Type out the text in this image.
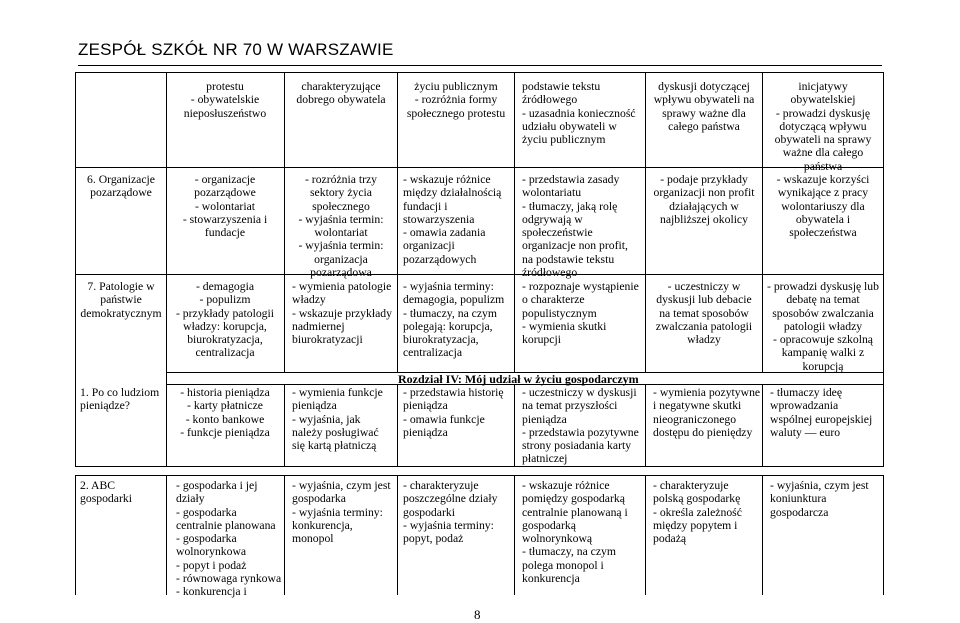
ZESPÓŁ SZKÓŁ NR 70 W WARSZAWIE
protestu
- obywatelskie
nieposłuszeństwo
charakteryzujące
dobrego obywatela
życiu publicznym
- rozróżnia formy
społecznego protestu
podstawie tekstu
źródłowego
- uzasadnia konieczność
udziału obywateli w
życiu publicznym
dyskusji dotyczącej
wpływu obywateli na
sprawy ważne dla
całego państwa
inicjatywy
obywatelskiej
- prowadzi dyskusję
dotyczącą wpływu
obywateli na sprawy
ważne dla całego
państwa
6. Organizacje
pozarządowe
- organizacje
pozarządowe
- wolontariat
- stowarzyszenia i
fundacje
- rozróżnia trzy
sektory życia
społecznego
- wyjaśnia termin:
wolontariat
- wyjaśnia termin:
organizacja
pozarządowa
- wskazuje różnice
między działalnością
fundacji i
stowarzyszenia
- omawia zadania
organizacji
pozarządowych
- przedstawia zasady
wolontariatu
- tłumaczy, jaką rolę
odgrywają w
społeczeństwie
organizacje non profit,
na podstawie tekstu
źródłowego
- podaje przykłady
organizacji non profit
działających w
najbliższej okolicy
- wskazuje korzyści
wynikające z pracy
wolontariuszy dla
obywatela i
społeczeństwa
7. Patologie w
państwie
demokratycznym
- demagogia
- populizm
- przykłady patologii
władzy: korupcja,
biurokratyzacja,
centralizacja
- wymienia patologie
władzy
- wskazuje przykłady
nadmiernej
biurokratyzacji
- wyjaśnia terminy:
demagogia, populizm
- tłumaczy, na czym
polegają: korupcja,
biurokratyzacja,
centralizacja
- rozpoznaje wystąpienie
o charakterze
populistycznym
- wymienia skutki
korupcji
- uczestniczy w
dyskusji lub debacie
na temat sposobów
zwalczania patologii
władzy
- prowadzi dyskusję lub
debatę na temat
sposobów zwalczania
patologii władzy
- opracowuje szkolną
kampanię walki z
korupcją
Rozdział IV: Mój udział w życiu gospodarczym
1. Po co ludziom
pieniądze?
- historia pieniądza
- karty płatnicze
- konto bankowe
- funkcje pieniądza
- wymienia funkcje
pieniądza
- wyjaśnia, jak
należy posługiwać
się kartą płatniczą
- przedstawia historię
pieniądza
- omawia funkcje
pieniądza
- uczestniczy w dyskusji
na temat przyszłości
pieniądza
- przedstawia pozytywne
strony posiadania karty
płatniczej
- wymienia pozytywne
i negatywne skutki
nieograniczonego
dostępu do pieniędzy
- tłumaczy ideę
wprowadzania
wspólnej europejskiej
waluty — euro
2. ABC
gospodarki
- gospodarka i jej
działy
- gospodarka
centralnie planowana
- gospodarka
wolnorynkowa
- popyt i podaż
- równowaga rynkowa
- konkurencja i
- wyjaśnia, czym jest
gospodarka
- wyjaśnia terminy:
konkurencja,
monopol
- charakteryzuje
poszczególne działy
gospodarki
- wyjaśnia terminy:
popyt, podaż
- wskazuje różnice
pomiędzy gospodarką
centralnie planowaną i
gospodarką
wolnorynkową
- tłumaczy, na czym
polega monopol i
konkurencja
- charakteryzuje
polską gospodarkę
- określa zależność
między popytem i
podażą
- wyjaśnia, czym jest
koniunktura
gospodarcza
8
